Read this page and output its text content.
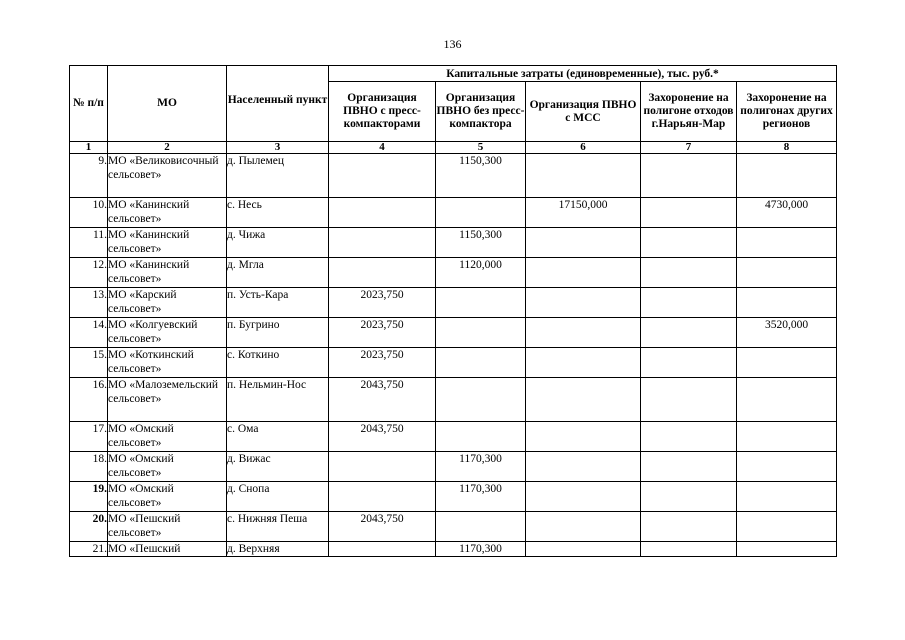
136
№ п/п	МО	Населенный пункт	Капитальные затраты (единовременные), тыс. руб.*				
			Организация ПВНО с пресс-компакторами	Организация ПВНО без пресс-компактора	Организация ПВНО с МСС	Захоронение на полигоне отходов г.Нарьян-Мар	Захоронение на полигонах других регионов
1	2	3	4	5	6	7	8
9.	МО «Великовисочный сельсовет»	д. Пылемец		1150,300			
10.	МО «Канинский сельсовет»	с. Несь			17150,000		4730,000
11.	МО «Канинский сельсовет»	д. Чижа		1150,300			
12.	МО «Канинский сельсовет»	д. Мгла		1120,000			
13.	МО «Карский сельсовет»	п. Усть-Кара	2023,750				
14.	МО «Колгуевский сельсовет»	п. Бугрино	2023,750				3520,000
15.	МО «Коткинский сельсовет»	с. Коткино	2023,750				
16.	МО «Малоземельский сельсовет»	п. Нельмин-Нос	2043,750				
17.	МО «Омский сельсовет»	с. Ома	2043,750				
18.	МО «Омский сельсовет»	д. Вижас		1170,300			
19.	МО «Омский сельсовет»	д. Снопа		1170,300			
20.	МО «Пешский сельсовет»	с. Нижняя Пеша	2043,750				
21.	МО «Пешский	д. Верхняя		1170,300			
